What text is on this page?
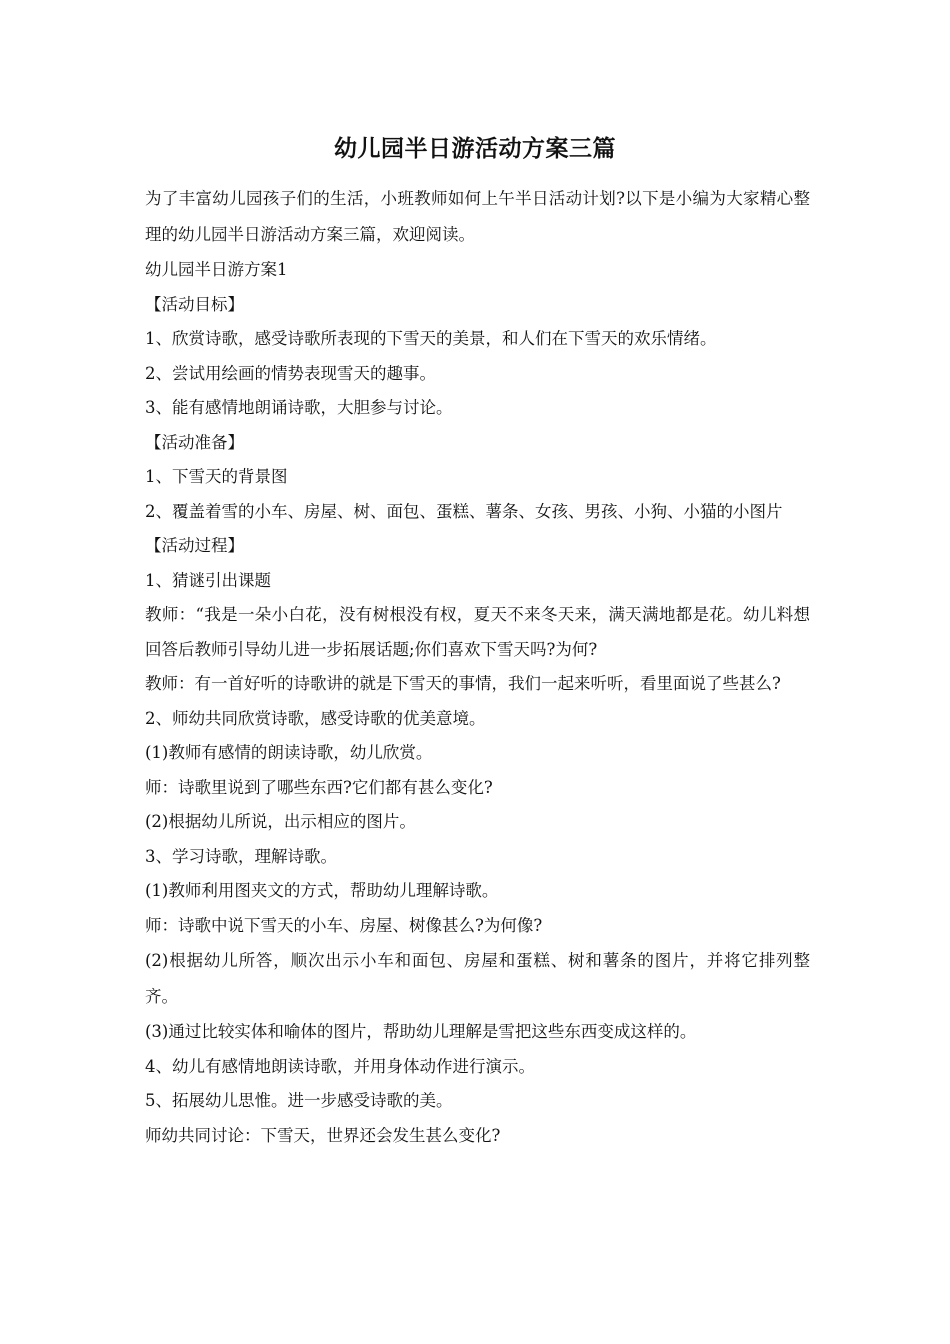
幼儿园半日游活动方案三篇

为了丰富幼儿园孩子们的生活，小班教师如何上午半日活动计划?以下是小编为大家精心整理的幼儿园半日游活动方案三篇，欢迎阅读。

幼儿园半日游方案1

【活动目标】

1、欣赏诗歌，感受诗歌所表现的下雪天的美景，和人们在下雪天的欢乐情绪。

2、尝试用绘画的情势表现雪天的趣事。

3、能有感情地朗诵诗歌，大胆参与讨论。

【活动准备】

1、下雪天的背景图

2、覆盖着雪的小车、房屋、树、面包、蛋糕、薯条、女孩、男孩、小狗、小猫的小图片

【活动过程】

1、猜谜引出课题

教师：“我是一朵小白花，没有树根没有杈，夏天不来冬天来，满天满地都是花。幼儿料想回答后教师引导幼儿进一步拓展话题;你们喜欢下雪天吗?为何?

教师：有一首好听的诗歌讲的就是下雪天的事情，我们一起来听听，看里面说了些甚么?

2、师幼共同欣赏诗歌，感受诗歌的优美意境。

(1)教师有感情的朗读诗歌，幼儿欣赏。

师：诗歌里说到了哪些东西?它们都有甚么变化?

(2)根据幼儿所说，出示相应的图片。

3、学习诗歌，理解诗歌。

(1)教师利用图夹文的方式，帮助幼儿理解诗歌。

师：诗歌中说下雪天的小车、房屋、树像甚么?为何像?

(2)根据幼儿所答，顺次出示小车和面包、房屋和蛋糕、树和薯条的图片，并将它排列整齐。

(3)通过比较实体和喻体的图片，帮助幼儿理解是雪把这些东西变成这样的。

4、幼儿有感情地朗读诗歌，并用身体动作进行演示。

5、拓展幼儿思惟。进一步感受诗歌的美。

师幼共同讨论：下雪天，世界还会发生甚么变化?
